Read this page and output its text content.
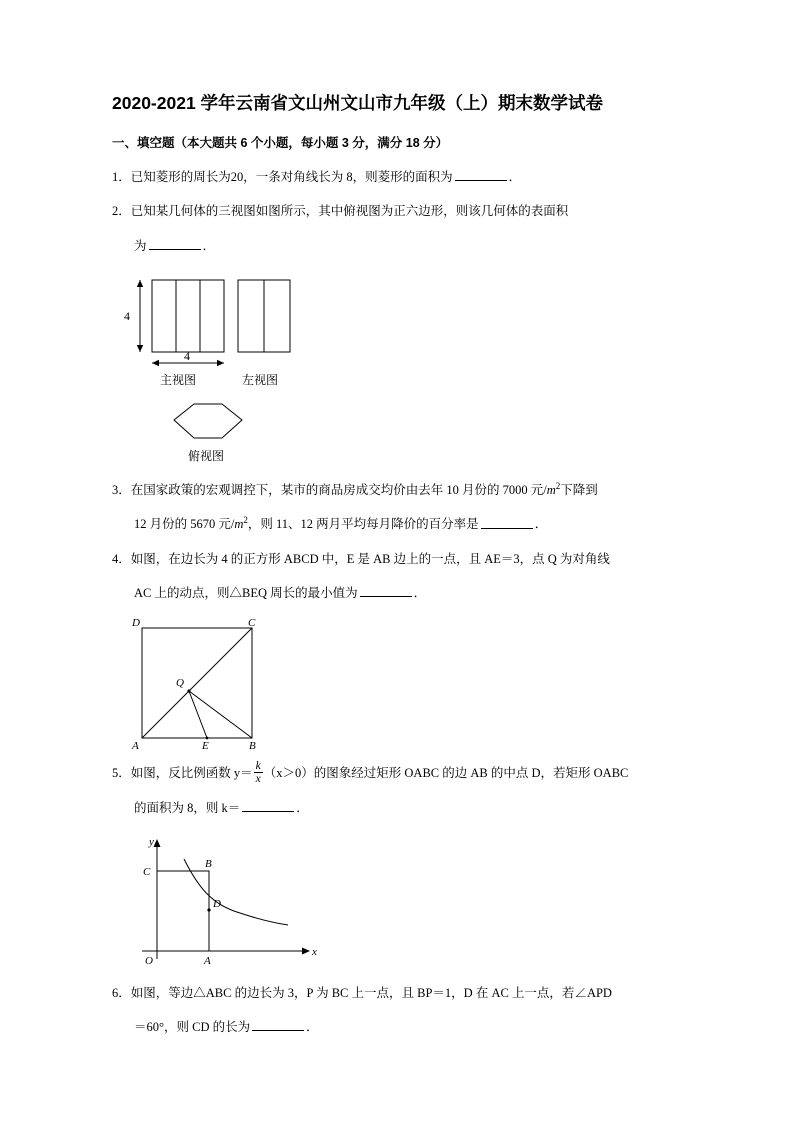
2020-2021 学年云南省文山州文山市九年级（上）期末数学试卷
一、填空题（本大题共 6 个小题，每小题 3 分，满分 18 分）
1．已知菱形的周长为20，一条对角线长为 8，则菱形的面积为	．
2．已知某几何体的三视图如图所示，其中俯视图为正六边形，则该几何体的表面积
为	．
4
4
主视图	左视图
俯视图
3．在国家政策的宏观调控下，某市的商品房成交均价由去年 10 月份的 7000 元$/m^2$下降到
12 月份的 5670 元$/m^2$，则 11、12 两月平均每月降价的百分率是	．
4．如图，在边长为 4 的正方形 ABCD 中，E 是 AB 边上的一点，且 AE＝3，点 Q 为对角线
AC 上的动点，则△BEQ 周长的最小值为	．
D	C
Q
A	E	B
5．如图，反比例函数 $y= \frac{k}{x} (x>0)$的图象经过矩形 OABC 的边 AB 的中点 D，若矩形 OABC
的面积为 8，则 k＝	．
y
C
B
D
O	A
x
6．如图，等边△ABC 的边长为 3，P 为 BC 上一点，且 BP＝1，D 在 AC 上一点，若∠APD
＝60°，则 CD 的长为	．
